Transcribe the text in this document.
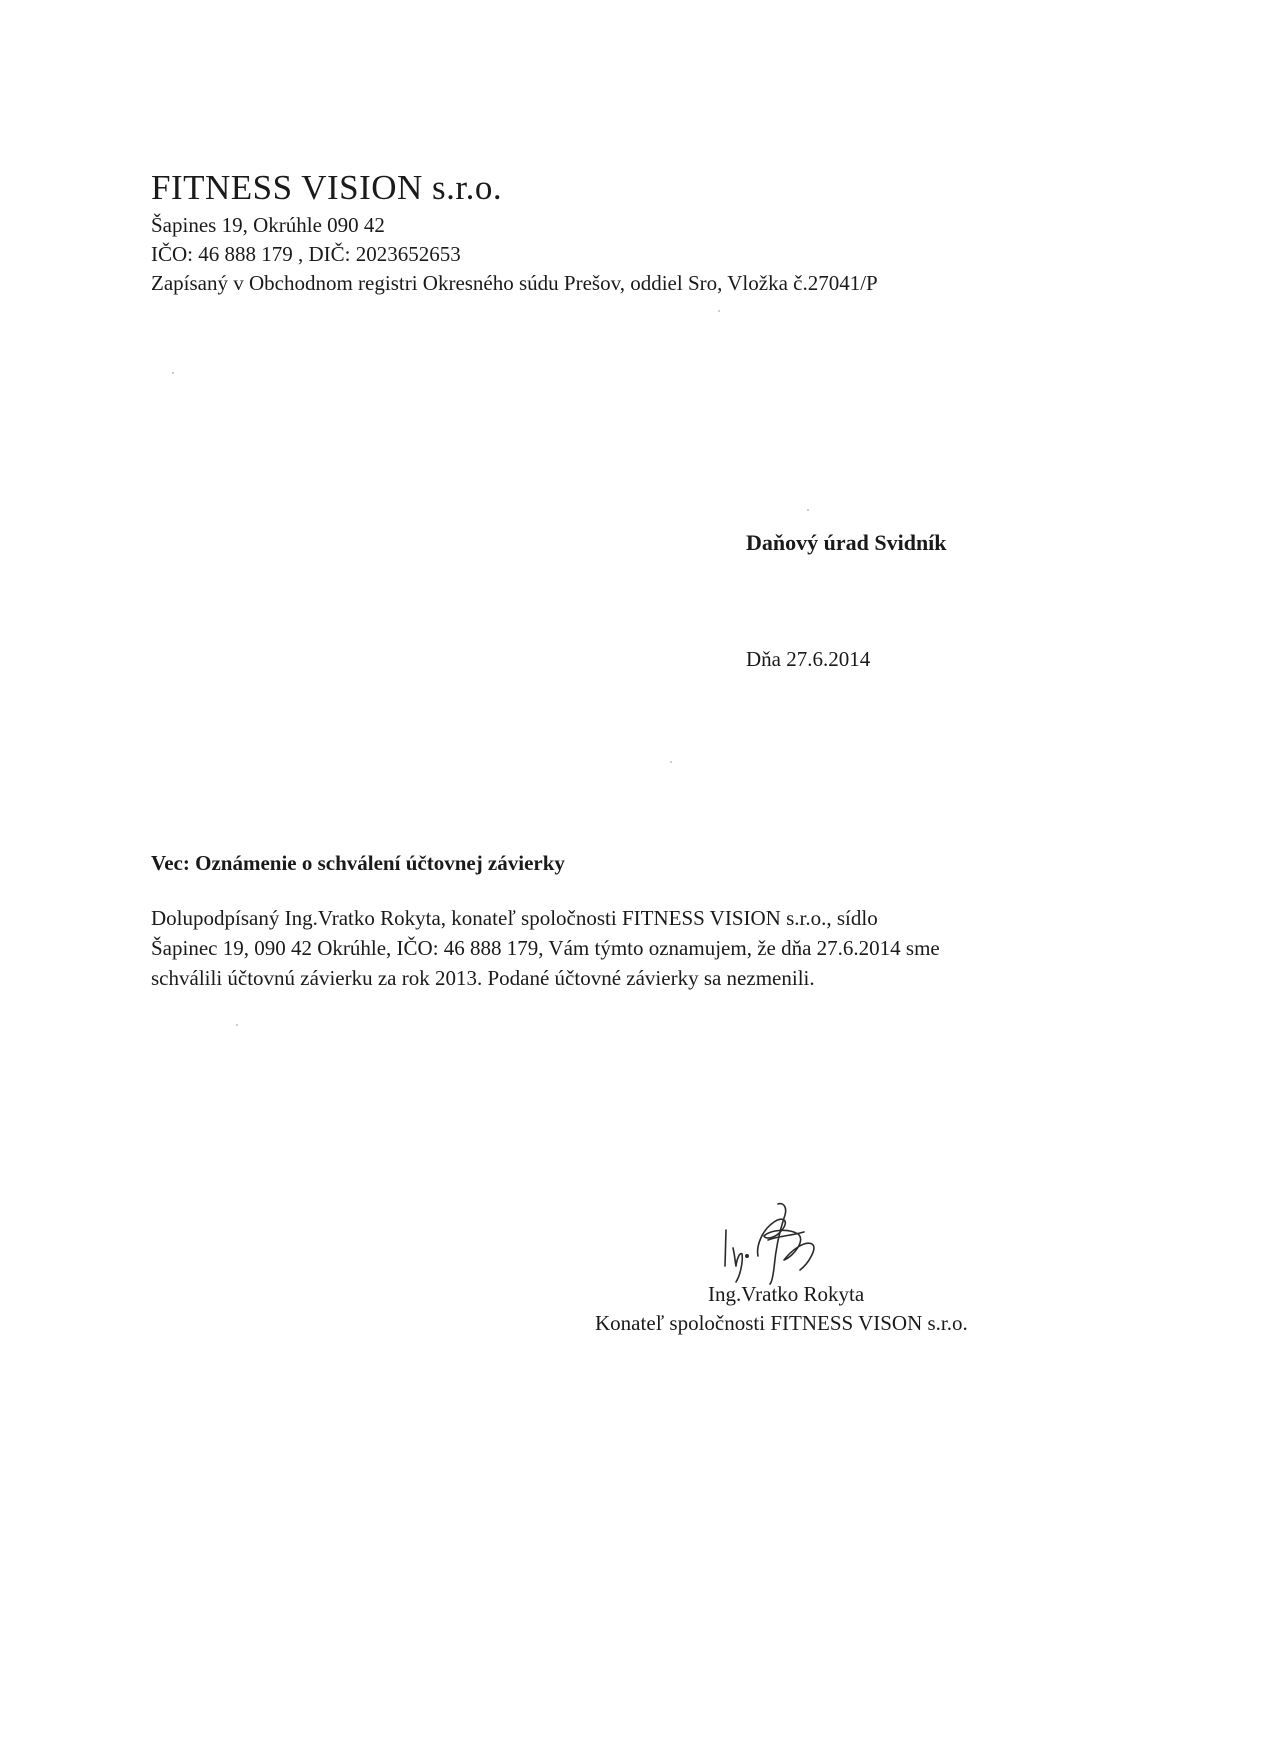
FITNESS VISION s.r.o.
Šapines 19, Okrúhle 090 42
IČO: 46 888 179 , DIČ: 2023652653
Zapísaný v Obchodnom registri Okresného súdu Prešov, oddiel Sro, Vložka č.27041/P
Daňový úrad Svidník
Dňa 27.6.2014
Vec: Oznámenie o schválení účtovnej závierky
Dolupodpísaný Ing.Vratko Rokyta, konateľ spoločnosti FITNESS VISION s.r.o., sídlo
Šapinec 19, 090 42 Okrúhle, IČO: 46 888 179, Vám týmto oznamujem, že dňa 27.6.2014 sme
schválili účtovnú závierku za rok 2013. Podané účtovné závierky sa nezmenili.
Ing.Vratko Rokyta
Konateľ spoločnosti FITNESS VISON s.r.o.
